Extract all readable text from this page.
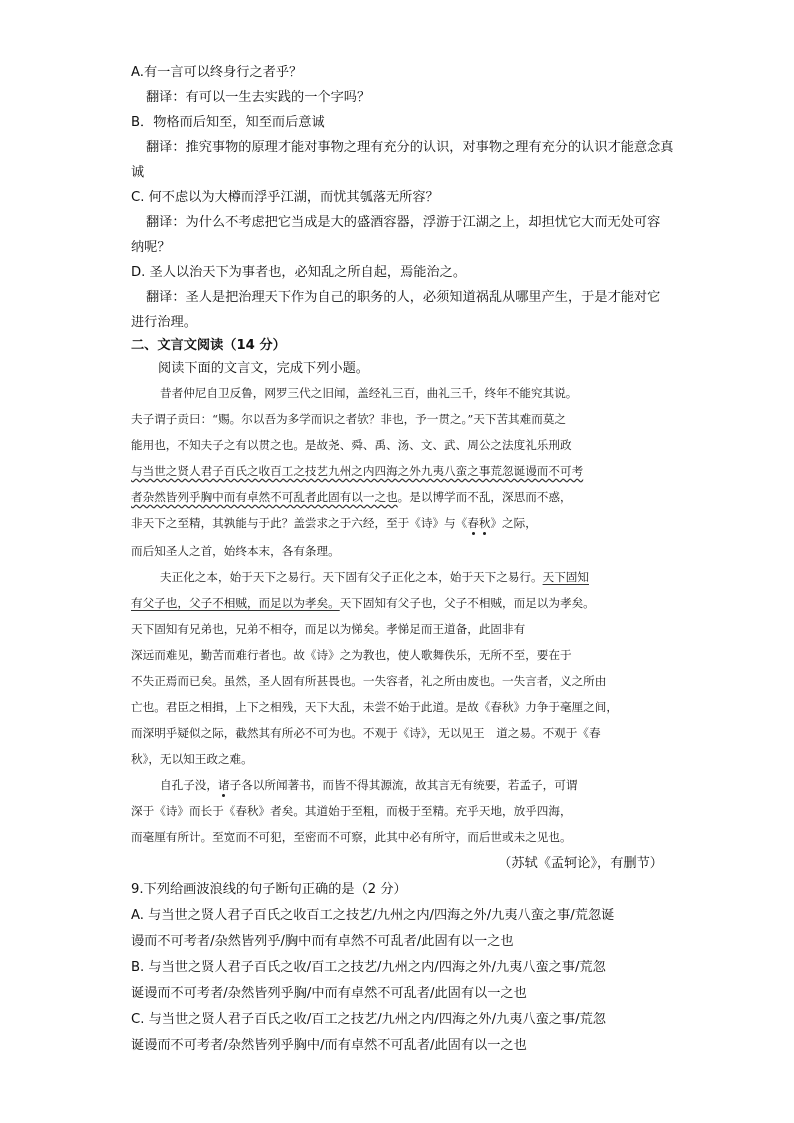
A.有一言可以终身行之者乎？
翻译：有可以一生去实践的一个字吗？
B．物格而后知至，知至而后意诚
翻译：推究事物的原理才能对事物之理有充分的认识，对事物之理有充分的认识才能意念真
诚
C. 何不虑以为大樽而浮乎江湖，而忧其瓠落无所容？
翻译：为什么不考虑把它当成是大的盛酒容器，浮游于江湖之上，却担忧它大而无处可容
纳呢？
D. 圣人以治天下为事者也，必知乱之所自起，焉能治之。
翻译：圣人是把治理天下作为自己的职务的人，必须知道祸乱从哪里产生，于是才能对它
进行治理。
二、文言文阅读（14 分）
阅读下面的文言文，完成下列小题。
昔者仲尼自卫反鲁，网罗三代之旧闻，盖经礼三百，曲礼三千，终年不能究其说。
夫子谓子贡曰：“赐。尔以吾为多学而识之者欤？非也，予一贯之。”天下苦其难而莫之
能用也，不知夫子之有以贯之也。是故尧、舜、禹、汤、文、武、周公之法度礼乐刑政
与当世之贤人君子百氏之收百工之技艺九州之内四海之外九夷八蛮之事荒忽诞谩而不可考
者杂然皆列乎胸中而有卓然不可乱者此固有以一之也。是以博学而不乱，深思而不惑，
非天下之至精，其孰能与于此？盖尝求之于六经，至于《诗》与《春秋》之际，
而后知圣人之首，始终本末，各有条理。
夫正化之本，始于天下之易行。天下固有父子正化之本，始于天下之易行。天下固知
有父子也，父子不相贼，而足以为孝矣。天下固知有父子也，父子不相贼，而足以为孝矣。
天下固知有兄弟也，兄弟不相夺，而足以为悌矣。孝悌足而王道备，此固非有
深远而难见，勤苦而难行者也。故《诗》之为教也，使人歌舞佚乐，无所不至，要在于
不失正焉而已矣。虽然，圣人固有所甚畏也。一失容者，礼之所由废也。一失言者，义之所由
亡也。君臣之相揖，上下之相残，天下大乱，未尝不始于此道。是故《春秋》力争于毫厘之间，
而深明乎疑似之际，截然其有所必不可为也。不观于《诗》，无以见王　道之易。不观于《春
秋》，无以知王政之难。
自孔子没，诸子各以所闻著书，而皆不得其源流，故其言无有统要，若孟子，可谓
深于《诗》而长于《春秋》者矣。其道始于至粗，而极于至精。充乎天地，放乎四海，
而毫厘有所计。至宽而不可犯，至密而不可察，此其中必有所守，而后世或未之见也。
（苏轼《孟轲论》，有删节）
9.下列给画波浪线的句子断句正确的是（2 分）
A. 与当世之贤人君子百氏之收百工之技艺/九州之内/四海之外/九夷八蛮之事/荒忽诞
谩而不可考者/杂然皆列乎/胸中而有卓然不可乱者/此固有以一之也
B. 与当世之贤人君子百氏之收/百工之技艺/九州之内/四海之外/九夷八蛮之事/荒忽
诞谩而不可考者/杂然皆列乎胸/中而有卓然不可乱者/此固有以一之也
C. 与当世之贤人君子百氏之收/百工之技艺/九州之内/四海之外/九夷八蛮之事/荒忽
诞谩而不可考者/杂然皆列乎胸中/而有卓然不可乱者/此固有以一之也
